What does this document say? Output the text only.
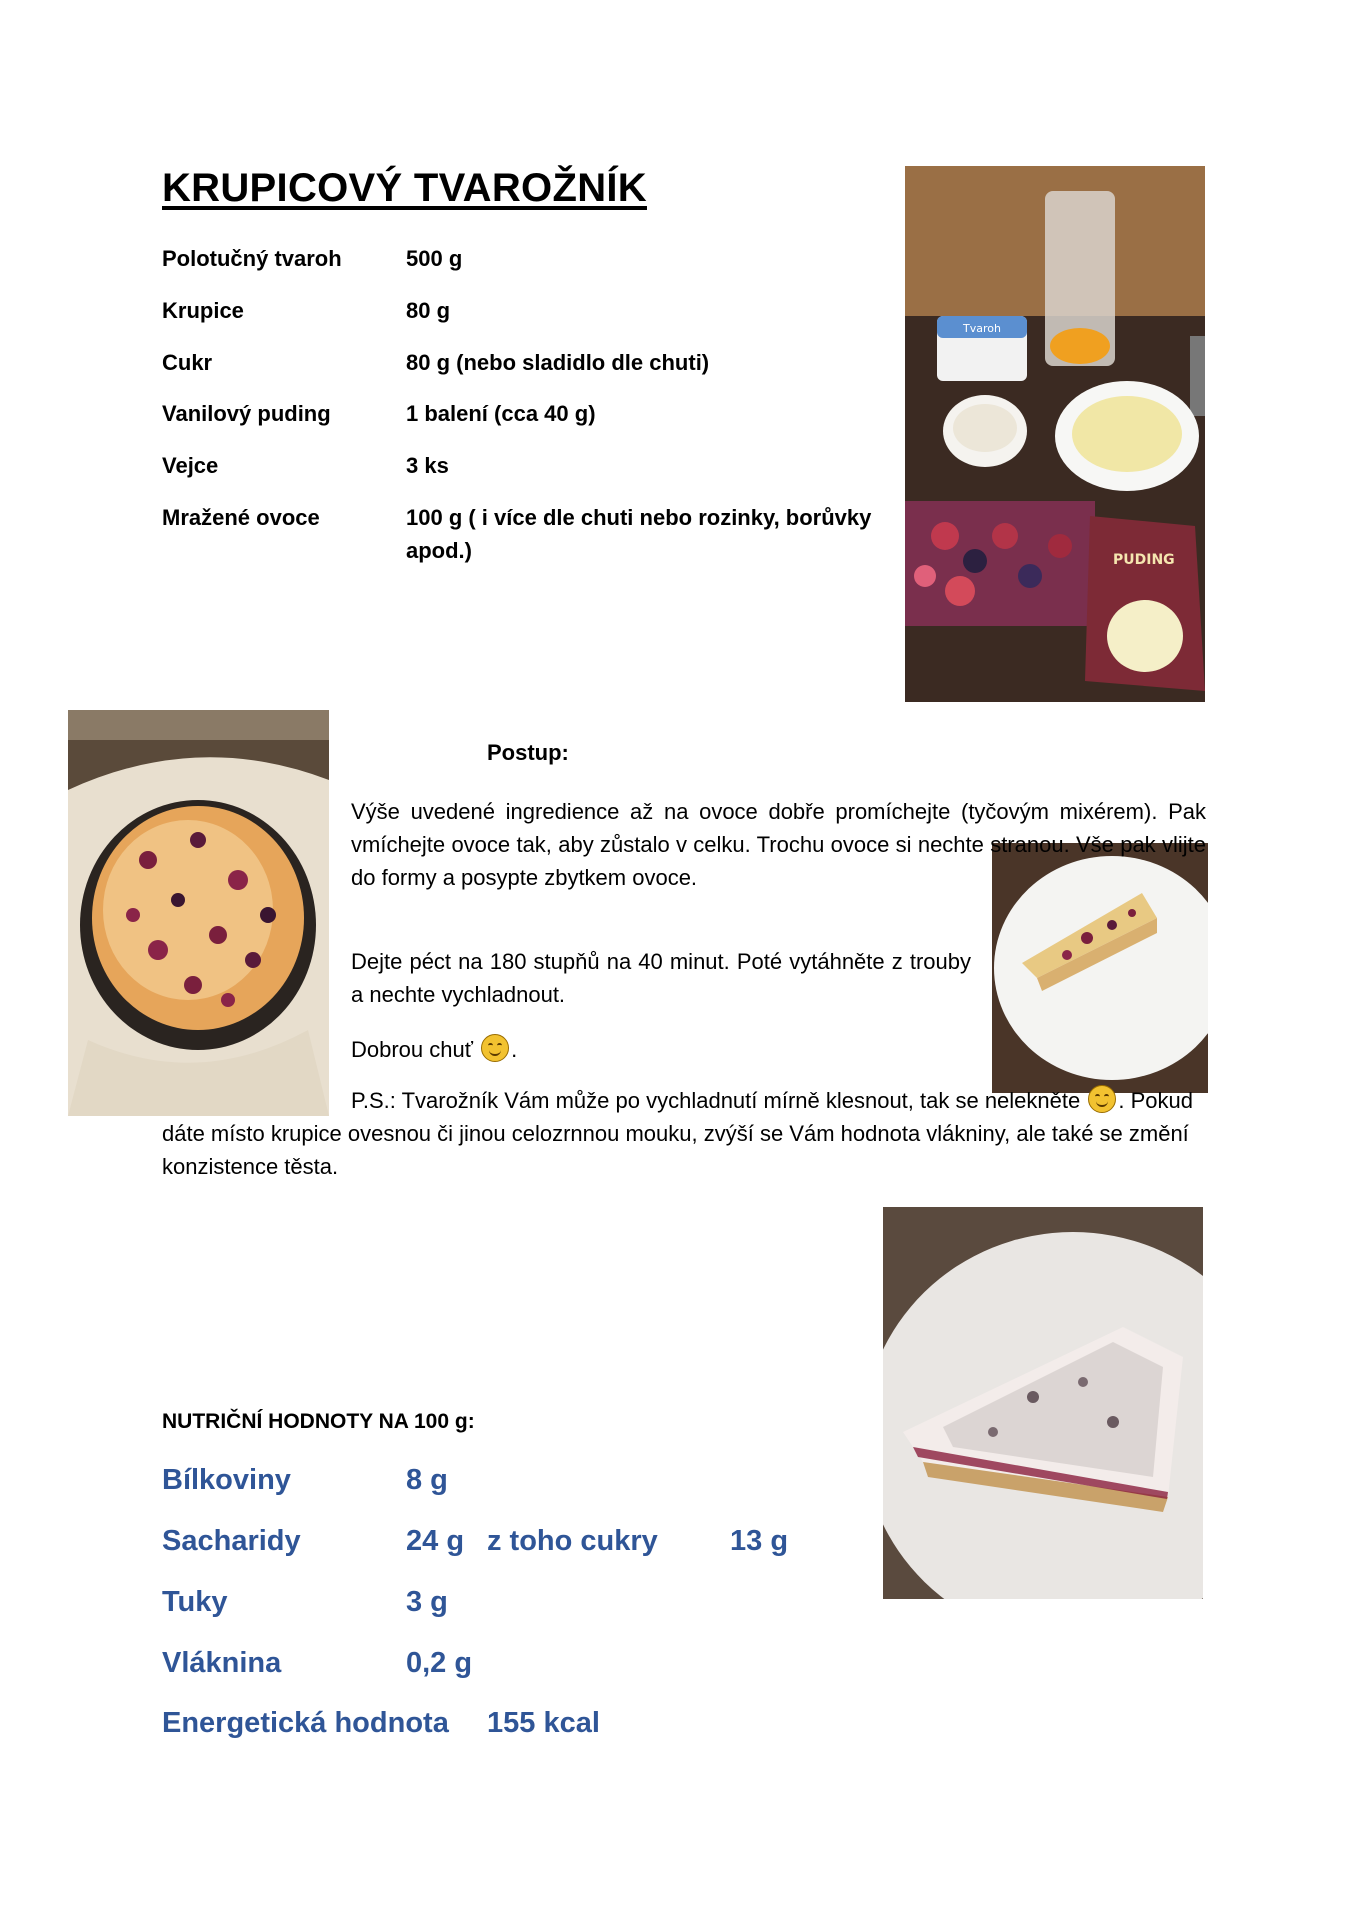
KRUPICOVÝ TVAROŽNÍK
Polotučný tvaroh	500 g
Krupice	80 g
Cukr	80 g (nebo sladidlo dle chuti)
Vanilový puding	1 balení (cca 40 g)
Vejce	3 ks
Mražené ovoce	100 g ( i více dle chuti nebo rozinky, borůvky apod.)
Tvaroh
PUDING
Postup:

Výše uvedené ingredience až na ovoce dobře promíchejte (tyčovým mixérem). Pak vmíchejte ovoce tak, aby zůstalo v celku. Trochu ovoce si nechte stranou. Vše pak vlijte do formy a posypte zbytkem ovoce.

Dejte péct na 180 stupňů na 40 minut. Poté vytáhněte z trouby a nechte vychladnout.
Dobrou chuť .
P.S.: Tvarožník Vám může po vychladnutí mírně klesnout, tak se nelekněte . Pokud dáte místo krupice ovesnou či jinou celozrnnou mouku, zvýší se Vám hodnota vlákniny, ale také se změní konzistence těsta.
NUTRIČNÍ HODNOTY NA 100 g:
Bílkoviny	8 g
Sacharidy	24 g z toho cukry 13 g
Tuky	3 g
Vláknina	0,2 g
Energetická hodnota 155 kcal
